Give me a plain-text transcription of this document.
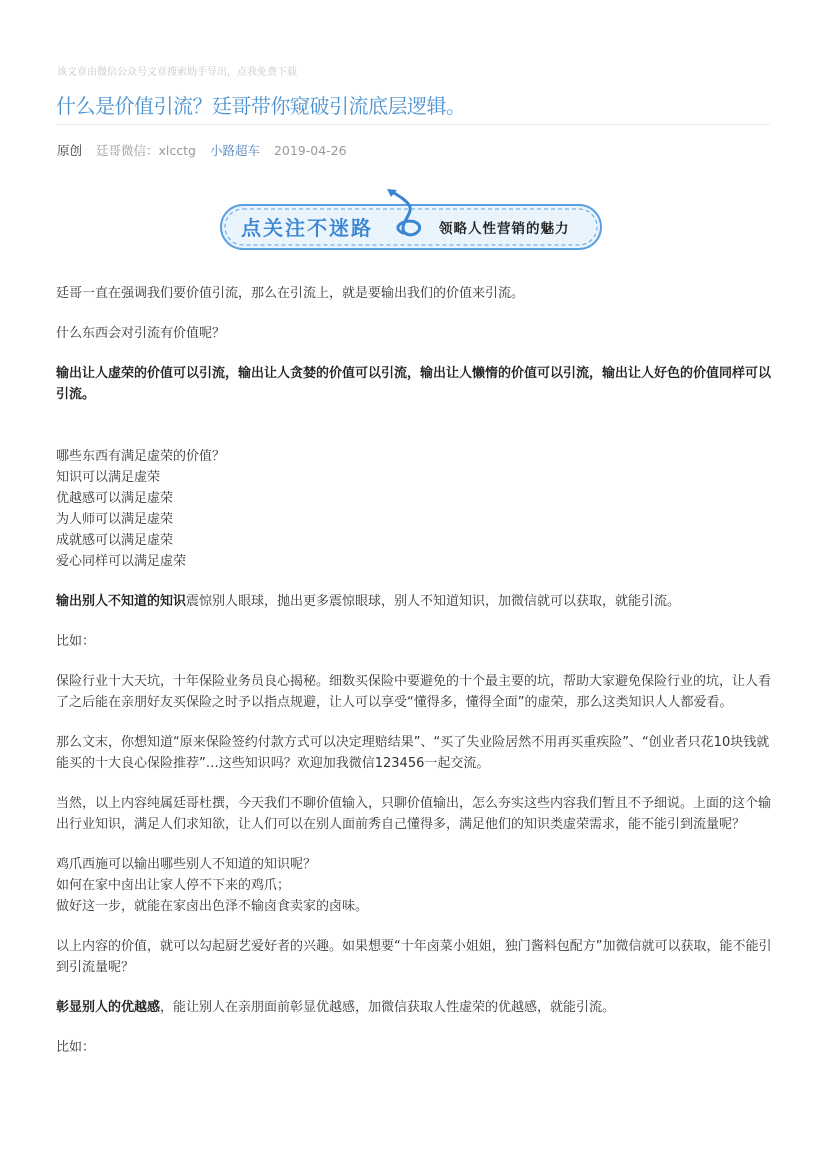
该文章由微信公众号文章搜索助手导出，点我免费下载
什么是价值引流？廷哥带你窥破引流底层逻辑。
原创 廷哥微信：xlcctg 小路超车 2019-04-26
点关注不迷路	领略人性营销的魅力

廷哥一直在强调我们要价值引流，那么在引流上，就是要输出我们的价值来引流。

什么东西会对引流有价值呢？

输出让人虚荣的价值可以引流，输出让人贪婪的价值可以引流，输出让人懒惰的价值可以引流，输出让人好色的价值同样可以引流。

哪些东西有满足虚荣的价值？
知识可以满足虚荣
优越感可以满足虚荣
为人师可以满足虚荣
成就感可以满足虚荣
爱心同样可以满足虚荣

输出别人不知道的知识震惊别人眼球，抛出更多震惊眼球，别人不知道知识，加微信就可以获取，就能引流。

比如：

保险行业十大天坑，十年保险业务员良心揭秘。细数买保险中要避免的十个最主要的坑，帮助大家避免保险行业的坑，让人看了之后能在亲朋好友买保险之时予以指点规避，让人可以享受“懂得多，懂得全面”的虚荣，那么这类知识人人都爱看。

那么文末，你想知道“原来保险签约付款方式可以决定理赔结果”、“买了失业险居然不用再买重疾险”、“创业者只花10块钱就能买的十大良心保险推荐”…这些知识吗？欢迎加我微信123456一起交流。

当然，以上内容纯属廷哥杜撰，今天我们不聊价值输入，只聊价值输出，怎么夯实这些内容我们暂且不予细说。上面的这个输出行业知识，满足人们求知欲，让人们可以在别人面前秀自己懂得多，满足他们的知识类虚荣需求，能不能引到流量呢？

鸡爪西施可以输出哪些别人不知道的知识呢？
如何在家中卤出让家人停不下来的鸡爪；
做好这一步，就能在家卤出色泽不输卤食卖家的卤味。

以上内容的价值，就可以勾起厨艺爱好者的兴趣。如果想要“十年卤菜小姐姐，独门酱料包配方”加微信就可以获取，能不能引到引流量呢？

彰显别人的优越感，能让别人在亲朋面前彰显优越感，加微信获取人性虚荣的优越感，就能引流。

比如：
